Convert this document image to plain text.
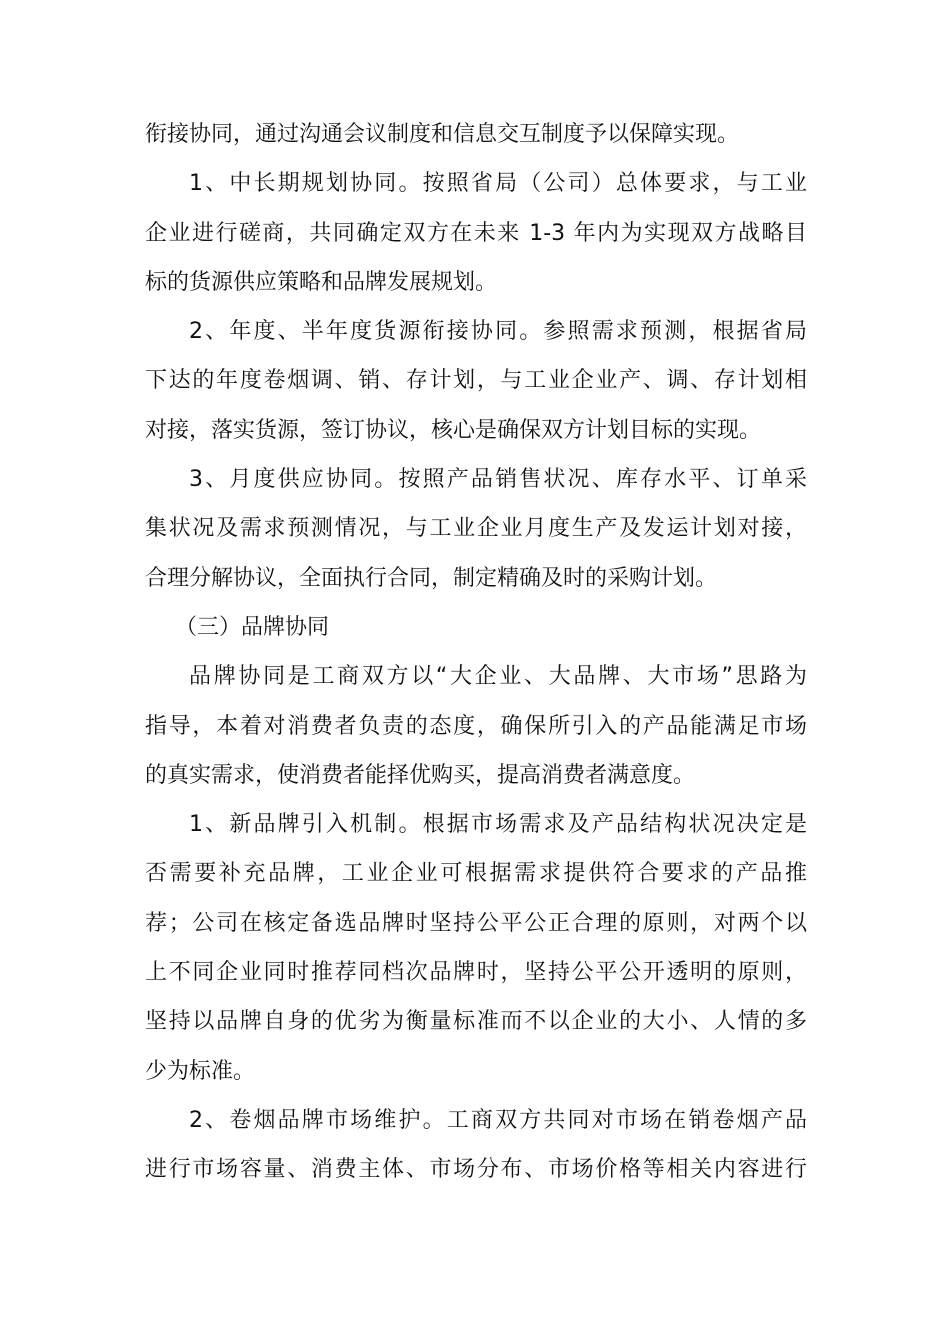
衔接协同，通过沟通会议制度和信息交互制度予以保障实现。
1、中长期规划协同。按照省局（公司）总体要求，与工业
企业进行磋商，共同确定双方在未来 1-3 年内为实现双方战略目
标的货源供应策略和品牌发展规划。
2、年度、半年度货源衔接协同。参照需求预测，根据省局
下达的年度卷烟调、销、存计划，与工业企业产、调、存计划相
对接，落实货源，签订协议，核心是确保双方计划目标的实现。
3、月度供应协同。按照产品销售状况、库存水平、订单采
集状况及需求预测情况，与工业企业月度生产及发运计划对接，
合理分解协议，全面执行合同，制定精确及时的采购计划。
（三）品牌协同
品牌协同是工商双方以“大企业、大品牌、大市场”思路为
指导，本着对消费者负责的态度，确保所引入的产品能满足市场
的真实需求，使消费者能择优购买，提高消费者满意度。
1、新品牌引入机制。根据市场需求及产品结构状况决定是
否需要补充品牌，工业企业可根据需求提供符合要求的产品推
荐；公司在核定备选品牌时坚持公平公正合理的原则，对两个以
上不同企业同时推荐同档次品牌时，坚持公平公开透明的原则，
坚持以品牌自身的优劣为衡量标准而不以企业的大小、人情的多
少为标准。
2、卷烟品牌市场维护。工商双方共同对市场在销卷烟产品
进行市场容量、消费主体、市场分布、市场价格等相关内容进行
